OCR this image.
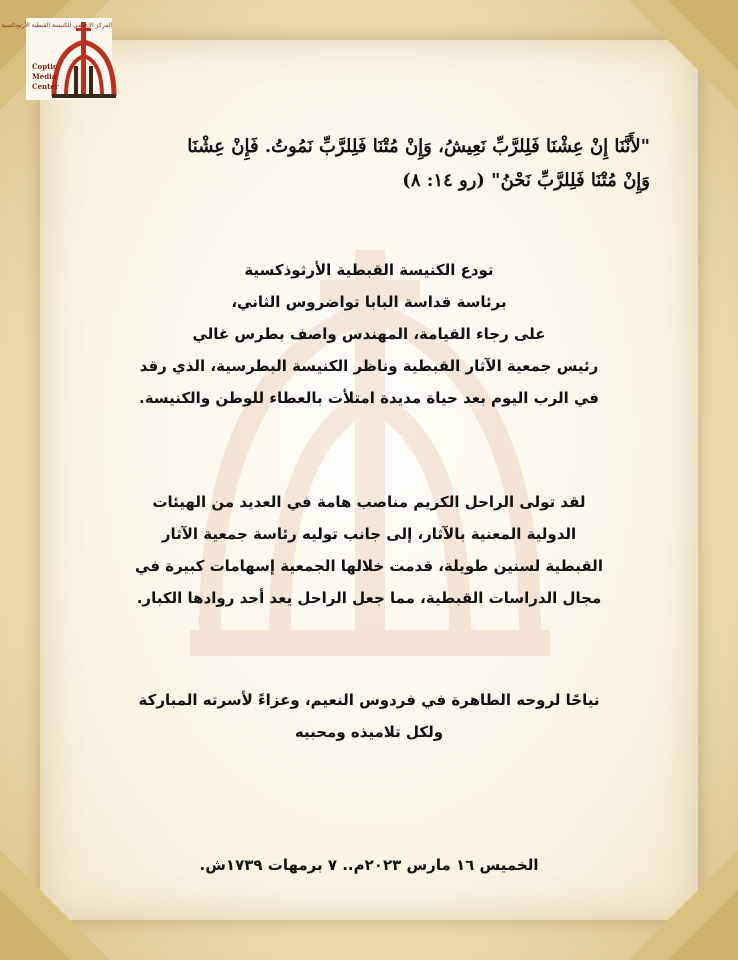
المركز الإعلامي للكنيسة القبطية الأرثوذكسية
Coptic
Media
Center
"لأَنَّنَا إِنْ عِشْنَا فَلِلرَّبِّ نَعِيشُ، وَإِنْ مُتْنَا فَلِلرَّبِّ نَمُوتُ. فَإِنْ عِشْنَا
وَإِنْ مُتْنَا فَلِلرَّبِّ نَحْنُ" (رو ١٤: ٨)
تودع الكنيسة القبطية الأرثوذكسية
برئاسة قداسة البابا تواضروس الثاني،
على رجاء القيامة، المهندس واصف بطرس غالي
رئيس جمعية الآثار القبطية وناظر الكنيسة البطرسية، الذي رقد
في الرب اليوم بعد حياة مديدة امتلأت بالعطاء للوطن والكنيسة.
لقد تولى الراحل الكريم مناصب هامة في العديد من الهيئات
الدولية المعنية بالآثار، إلى جانب توليه رئاسة جمعية الآثار
القبطية لسنين طويلة، قدمت خلالها الجمعية إسهامات كبيرة في
مجال الدراسات القبطية، مما جعل الراحل يعد أحد روادها الكبار.
نياحًا لروحه الطاهرة في فردوس النعيم، وعزاءً لأسرته المباركة
ولكل تلاميذه ومحبيه
الخميس ١٦ مارس ٢٠٢٣م.. ٧ برمهات ١٧٣٩ش.
